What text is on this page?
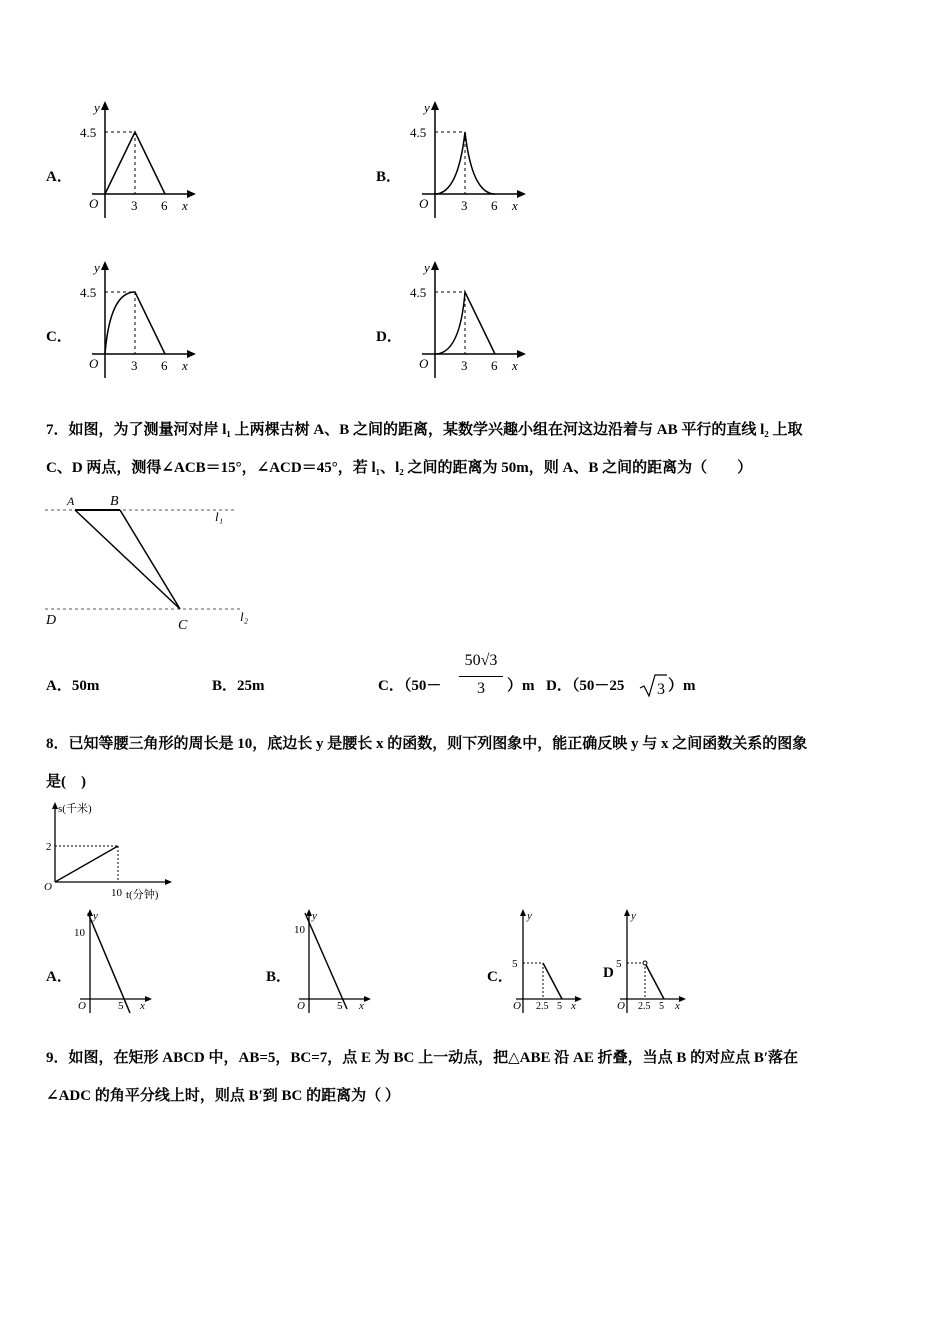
A．
y
4.5
O	3 6 x
B．
y
4.5
O	3 6 x
C．
y
4.5
O	3 6 x
D．
y
4.5
O	3 6 x
7．如图，为了测量河对岸 l₁ 上两棵古树 A、B 之间的距离，某数学兴趣小组在河这边沿着与 AB 平行的直线 l₂ 上取
C、D 两点，测得∠ACB＝15°，∠ACD＝45°，若 l₁、l₂ 之间的距离为 50m，则 A、B 之间的距离为（　　）
A	B
l₁
D	C
l₂
A．50m	B．25m	C．（50－
50√3
3	）m D．（50－25 3 ）m
8．已知等腰三角形的周长是 10，底边长 y 是腰长 x 的函数，则下列图象中，能正确反映 y 与 x 之间函数关系的图象
是(　)
s(千米)
2
O	10 t(分钟)
A．
y
10
O	5 x
B．
y
10
O	5 x
C．
y
5
O 2.5 5 x
D
y
5
O 2.5 5 x
9．如图，在矩形 ABCD 中，AB=5，BC=7，点 E 为 BC 上一动点，把△ABE 沿 AE 折叠，当点 B 的对应点 B′落在
∠ADC 的角平分线上时，则点 B′到 BC 的距离为（ ）
